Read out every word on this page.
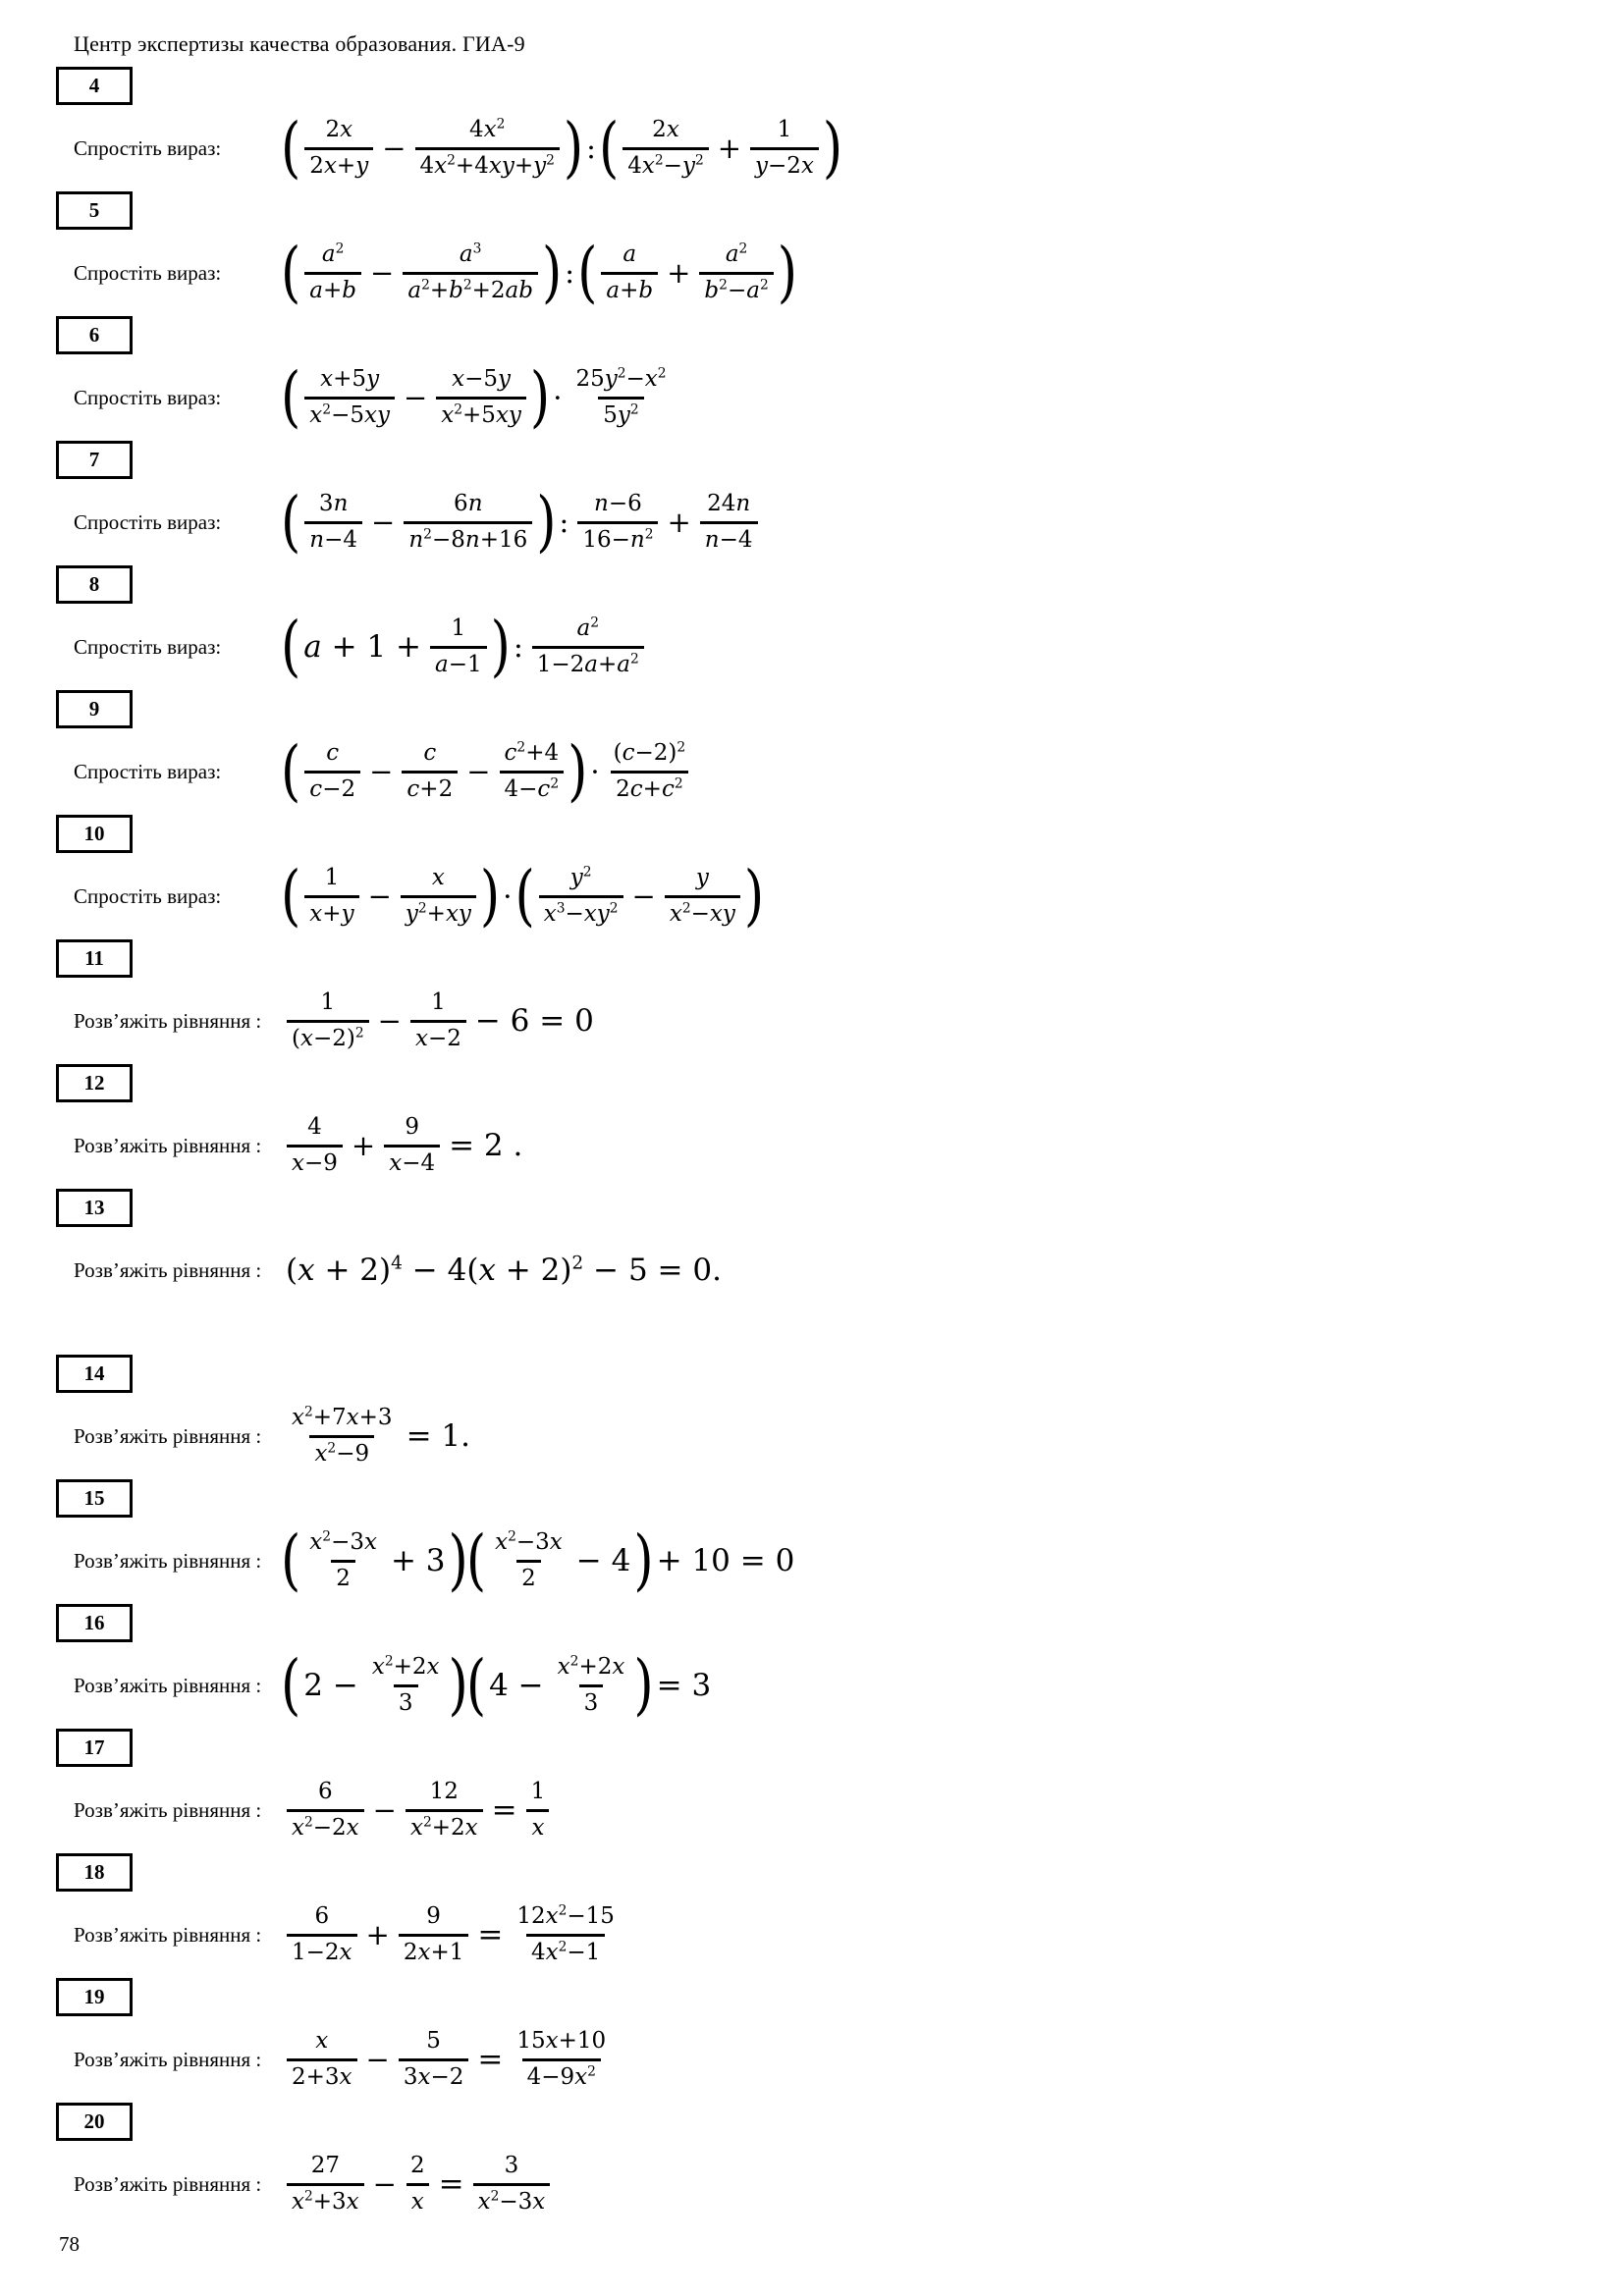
Центр экспертизы качества образования. ГИА-9
4
Спростіть вираз:	( $\frac{2x}{2x+y} - \frac{4x^2}{4x^2+4xy+y^2}$ ) : ( $\frac{2x}{4x^2-y^2} + \frac{1}{y-2x}$ )
5
Спростіть вираз:	( $\frac{a^2}{a+b} - \frac{a^3}{a^2+b^2+2ab}$ ) : ( $\frac{a}{a+b} + \frac{a^2}{b^2-a^2}$ )
6
Спростіть вираз:	( $\frac{x+5y}{x^2-5xy} - \frac{x-5y}{x^2+5xy}$ ) · $\frac{25y^2-x^2}{5y^2}$
7
Спростіть вираз:	( $\frac{3n}{n-4} - \frac{6n}{n^2-8n+16}$ ) : $\frac{n-6}{16-n^2} + \frac{24n}{n-4}$
8
Спростіть вираз:	( $a + 1 + \frac{1}{a-1}$ ) : $\frac{a^2}{1-2a+a^2}$
9
Спростіть вираз:	( $\frac{c}{c-2} - \frac{c}{c+2} - \frac{c^2+4}{4-c^2}$ ) · $\frac{(c-2)^2}{2c+c^2}$
10
Спростіть вираз:	( $\frac{1}{x+y} - \frac{x}{y^2+xy}$ ) · ( $\frac{y^2}{x^3-xy^2} - \frac{y}{x^2-xy}$ )
11
Розв’яжіть рівняння :	$\frac{1}{(x-2)^2} - \frac{1}{x-2} - 6 = 0$
12
Розв’яжіть рівняння :	$\frac{4}{x-9} + \frac{9}{x-4} = 2$ .
13
Розв’яжіть рівняння : $(x + 2)^4 - 4(x + 2)^2 - 5 = 0$.
14
Розв’яжіть рівняння :	$\frac{x^2+7x+3}{x^2-9} = 1$.
15
Розв’яжіть рівняння : ( $\frac{x^2-3x}{2} + 3$ )
( $\frac{x^2-3x}{2} - 4$ ) + 10 = 0
16
Розв’яжіть рівняння : ( $2 - \frac{x^2+2x}{3}$ )
( $4 - \frac{x^2+2x}{3}$ ) = 3
17
Розв’яжіть рівняння :	$\frac{6}{x^2-2x} - \frac{12}{x^2+2x} = \frac{1}{x}$
18
Розв’яжіть рівняння :	$\frac{6}{1-2x} + \frac{9}{2x+1} = \frac{12x^2-15}{4x^2-1}$
19
Розв’яжіть рівняння :	$\frac{x}{2+3x} - \frac{5}{3x-2} = \frac{15x+10}{4-9x^2}$
20
Розв’яжіть рівняння :	$\frac{27}{x^2+3x} - \frac{2}{x} = \frac{3}{x^2-3x}$
78
